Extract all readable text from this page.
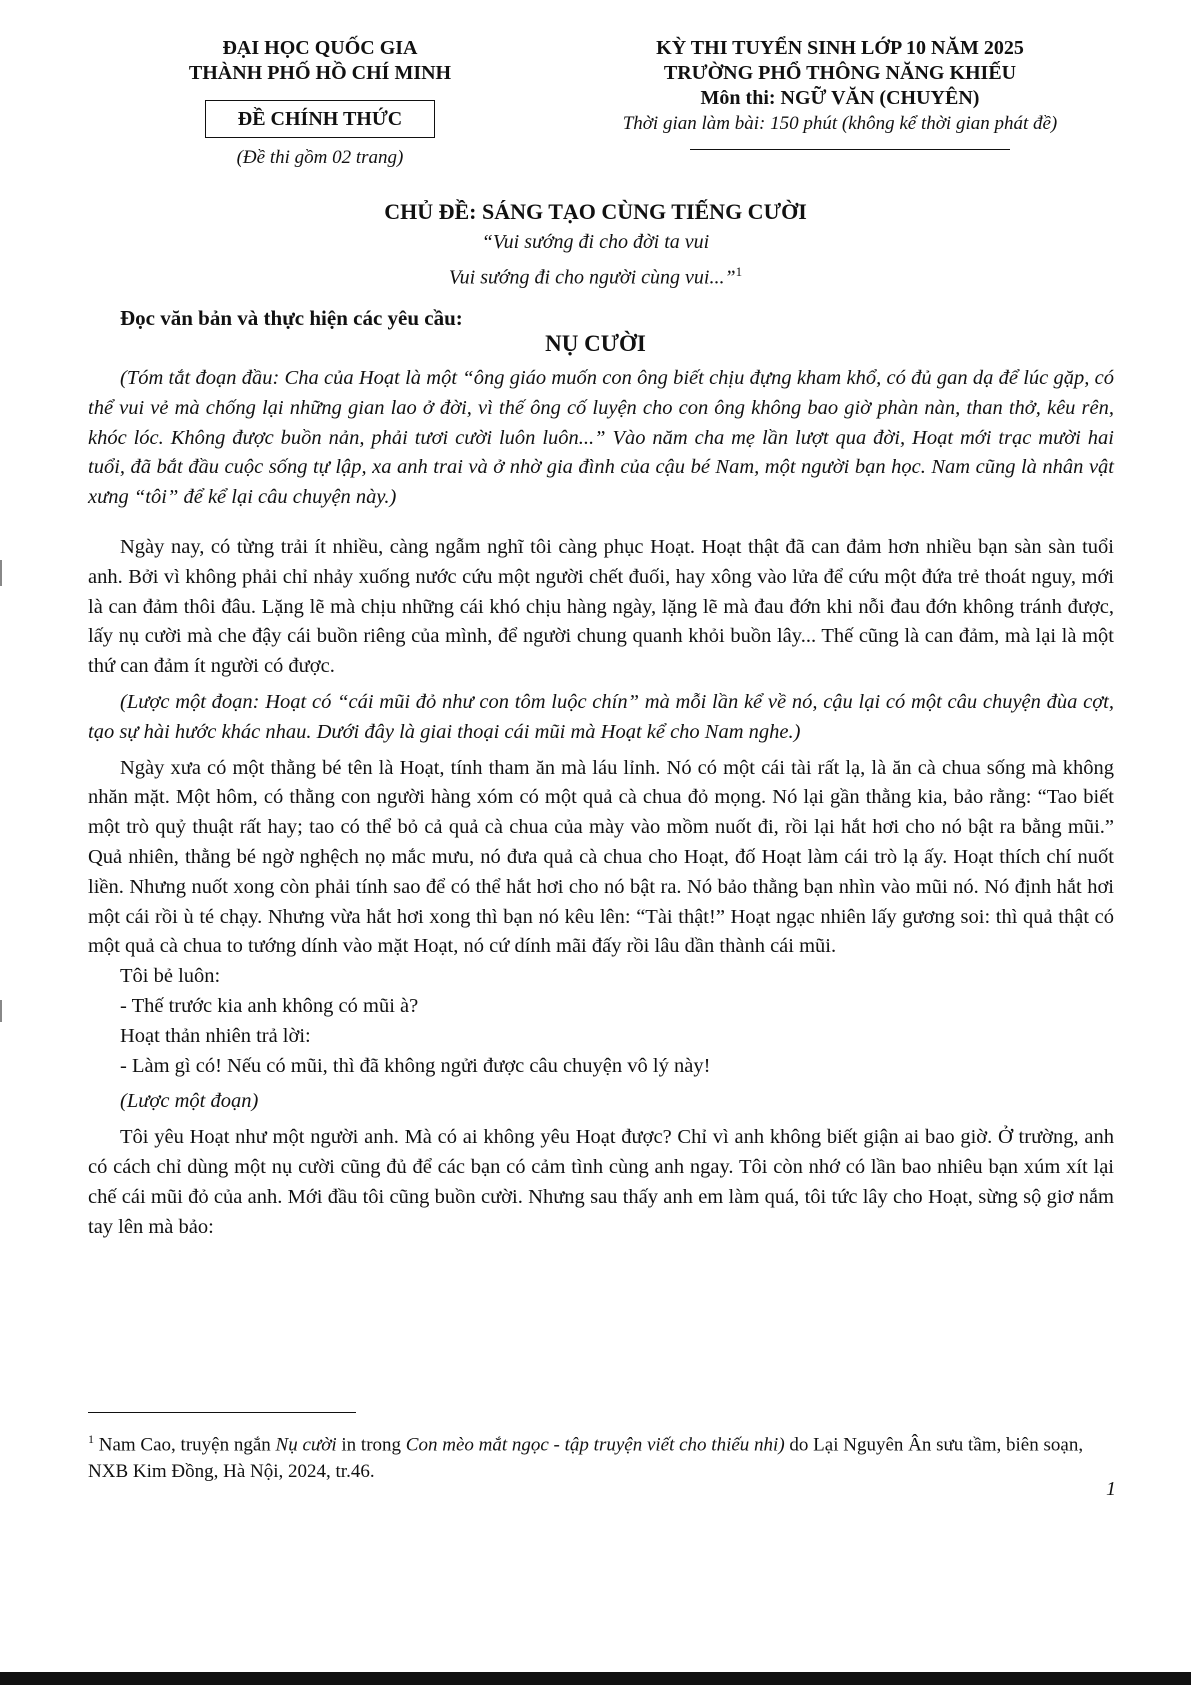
ĐẠI HỌC QUỐC GIA
THÀNH PHỐ HỒ CHÍ MINH
ĐỀ CHÍNH THỨC
(Đề thi gồm 02 trang)
KỲ THI TUYỂN SINH LỚP 10 NĂM 2025
TRƯỜNG PHỔ THÔNG NĂNG KHIẾU
Môn thi: NGỮ VĂN (CHUYÊN)
Thời gian làm bài: 150 phút (không kể thời gian phát đề)
CHỦ ĐỀ: SÁNG TẠO CÙNG TIẾNG CƯỜI
“Vui sướng đi cho đời ta vui
Vui sướng đi cho người cùng vui...”$^1$
Đọc văn bản và thực hiện các yêu cầu:
NỤ CƯỜI

(Tóm tắt đoạn đầu: Cha của Hoạt là một “ông giáo muốn con ông biết chịu đựng kham khổ, có đủ gan dạ để lúc gặp, có thể vui vẻ mà chống lại những gian lao ở đời, vì thế ông cố luyện cho con ông không bao giờ phàn nàn, than thở, kêu rên, khóc lóc. Không được buồn nản, phải tươi cười luôn luôn...” Vào năm cha mẹ lần lượt qua đời, Hoạt mới trạc mười hai tuổi, đã bắt đầu cuộc sống tự lập, xa anh trai và ở nhờ gia đình của cậu bé Nam, một người bạn học. Nam cũng là nhân vật xưng “tôi” để kể lại câu chuyện này.)

Ngày nay, có từng trải ít nhiều, càng ngẫm nghĩ tôi càng phục Hoạt. Hoạt thật đã can đảm hơn nhiều bạn sàn sàn tuổi anh. Bởi vì không phải chỉ nhảy xuống nước cứu một người chết đuối, hay xông vào lửa để cứu một đứa trẻ thoát nguy, mới là can đảm thôi đâu. Lặng lẽ mà chịu những cái khó chịu hàng ngày, lặng lẽ mà đau đớn khi nỗi đau đớn không tránh được, lấy nụ cười mà che đậy cái buồn riêng của mình, để người chung quanh khỏi buồn lây... Thế cũng là can đảm, mà lại là một thứ can đảm ít người có được.

(Lược một đoạn: Hoạt có “cái mũi đỏ như con tôm luộc chín” mà mỗi lần kể về nó, cậu lại có một câu chuyện đùa cợt, tạo sự hài hước khác nhau. Dưới đây là giai thoại cái mũi mà Hoạt kể cho Nam nghe.)

Ngày xưa có một thằng bé tên là Hoạt, tính tham ăn mà láu lỉnh. Nó có một cái tài rất lạ, là ăn cà chua sống mà không nhăn mặt. Một hôm, có thằng con người hàng xóm có một quả cà chua đỏ mọng. Nó lại gần thằng kia, bảo rằng: “Tao biết một trò quỷ thuật rất hay; tao có thể bỏ cả quả cà chua của mày vào mồm nuốt đi, rồi lại hắt hơi cho nó bật ra bằng mũi.” Quả nhiên, thằng bé ngờ nghệch nọ mắc mưu, nó đưa quả cà chua cho Hoạt, đố Hoạt làm cái trò lạ ấy. Hoạt thích chí nuốt liền. Nhưng nuốt xong còn phải tính sao để có thể hắt hơi cho nó bật ra. Nó bảo thằng bạn nhìn vào mũi nó. Nó định hắt hơi một cái rồi ù té chạy. Nhưng vừa hắt hơi xong thì bạn nó kêu lên: “Tài thật!” Hoạt ngạc nhiên lấy gương soi: thì quả thật có một quả cà chua to tướng dính vào mặt Hoạt, nó cứ dính mãi đấy rồi lâu dần thành cái mũi.

Tôi bẻ luôn:

- Thế trước kia anh không có mũi à?

Hoạt thản nhiên trả lời:

- Làm gì có! Nếu có mũi, thì đã không ngửi được câu chuyện vô lý này!

(Lược một đoạn)

Tôi yêu Hoạt như một người anh. Mà có ai không yêu Hoạt được? Chỉ vì anh không biết giận ai bao giờ. Ở trường, anh có cách chỉ dùng một nụ cười cũng đủ để các bạn có cảm tình cùng anh ngay. Tôi còn nhớ có lần bao nhiêu bạn xúm xít lại chế cái mũi đỏ của anh. Mới đầu tôi cũng buồn cười. Nhưng sau thấy anh em làm quá, tôi tức lây cho Hoạt, sừng sộ giơ nắm tay lên mà bảo:

$^1$ Nam Cao, truyện ngắn Nụ cười in trong Con mèo mắt ngọc - tập truyện viết cho thiếu nhi) do Lại Nguyên Ân sưu tầm, biên soạn, NXB Kim Đồng, Hà Nội, 2024, tr.46.
1
